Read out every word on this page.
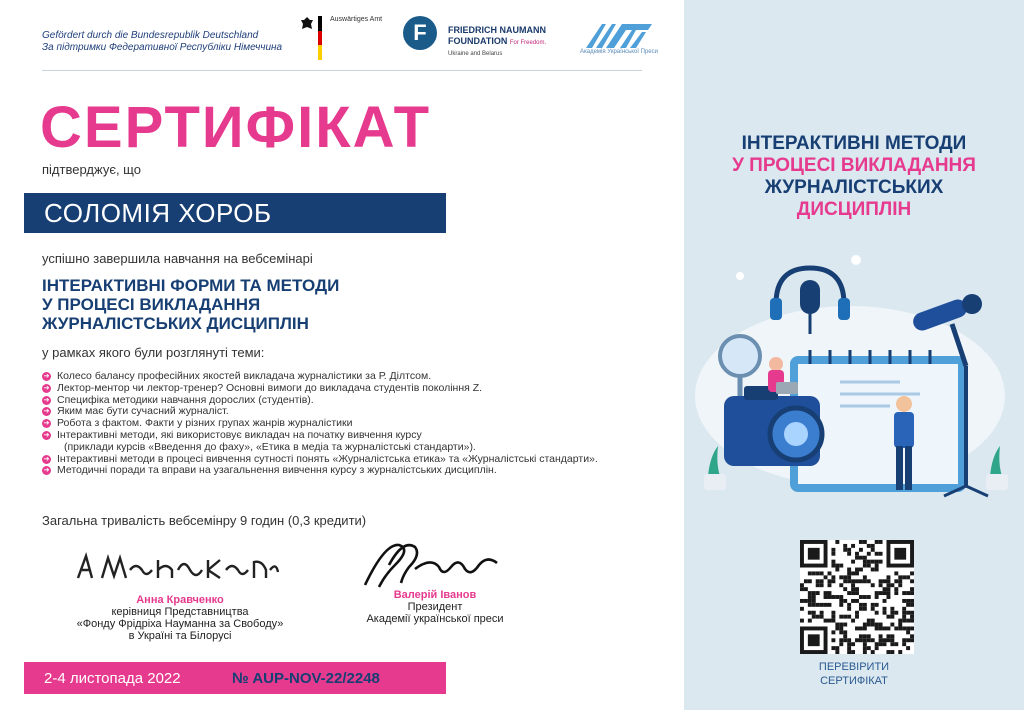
Gefördert durch die Bundesrepublik Deutschland
За підтримки Федеративної Республіки Німеччина
Auswärtiges Amt
F	FRIEDRICH NAUMANN
FOUNDATION For Freedom.
Ukraine and Belarus	Академія Української Преси
СЕРТИФІКАТ
підтверджує, що
СОЛОМІЯ ХОРОБ
успішно завершила навчання на вебсемінарі
ІНТЕРАКТИВНІ ФОРМИ ТА МЕТОДИ
У ПРОЦЕСІ ВИКЛАДАННЯ
ЖУРНАЛІСТСЬКИХ ДИСЦИПЛІН
у рамках якого були розглянуті теми:
➔ Колесо балансу професійних якостей викладача журналістики за Р. Ділтсом.
➔ Лектор-ментор чи лектор-тренер? Основні вимоги до викладача студентів покоління Z.
➔ Специфіка методики навчання дорослих (студентів).
➔ Яким має бути сучасний журналіст.
➔ Робота з фактом. Факти у різних групах жанрів журналістики
➔ Інтерактивні методи, які використовує викладач на початку вивчення курсу
(приклади курсів «Введення до фаху», «Етика в медіа та журналістські стандарти»).
➔ Інтерактивні методи в процесі вивчення сутності понять «Журналістська етика» та «Журналістські стандарти».
➔ Методичні поради та вправи на узагальнення вивчення курсу з журналістських дисциплін.
Загальна тривалість вебсемінру 9 годин (0,3 кредити)
Анна Кравченко
керівниця Представництва
«Фонду Фрідріха Науманна за Свободу»
в Україні та Білорусі
Валерій Іванов
Президент
Академії української преси
2-4 листопада 2022	№ AUP-NOV-22/2248
ІНТЕРАКТИВНІ МЕТОДИ
У ПРОЦЕСІ ВИКЛАДАННЯ
ЖУРНАЛІСТСЬКИХ
ДИСЦИПЛІН
ПЕРЕВІРИТИ
СЕРТИФІКАТ
